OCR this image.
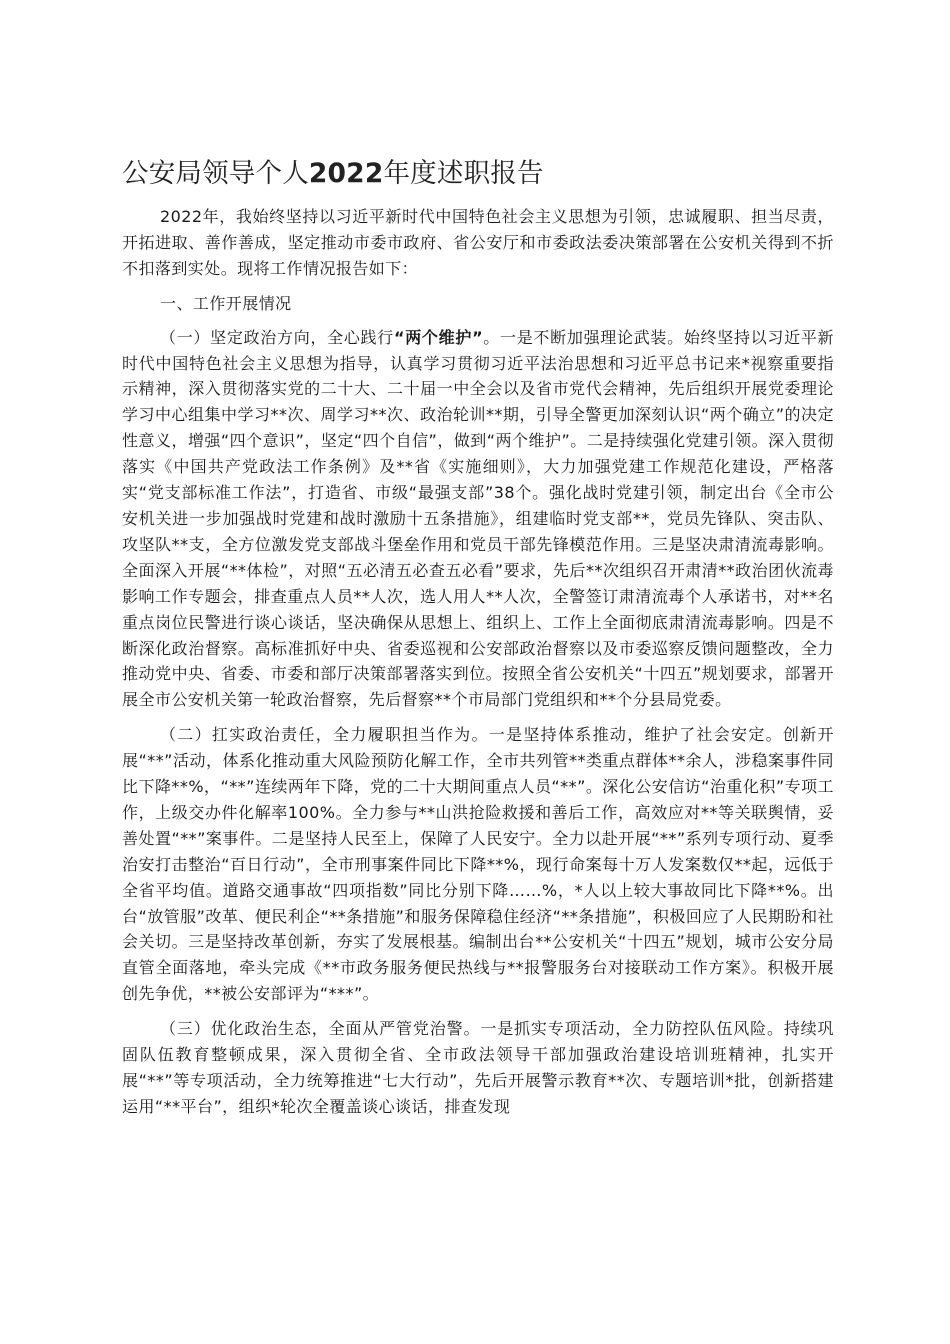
公安局领导个人2022年度述职报告

2022年，我始终坚持以习近平新时代中国特色社会主义思想为引领，忠诚履职、担当尽责，开拓进取、善作善成，坚定推动市委市政府、省公安厅和市委政法委决策部署在公安机关得到不折不扣落到实处。现将工作情况报告如下：

一、工作开展情况

（一）坚定政治方向，全心践行“两个维护”。一是不断加强理论武装。始终坚持以习近平新时代中国特色社会主义思想为指导，认真学习贯彻习近平法治思想和习近平总书记来*视察重要指示精神，深入贯彻落实党的二十大、二十届一中全会以及省市党代会精神，先后组织开展党委理论学习中心组集中学习**次、周学习**次、政治轮训**期，引导全警更加深刻认识“两个确立”的决定性意义，增强“四个意识”，坚定“四个自信”，做到“两个维护”。二是持续强化党建引领。深入贯彻落实《中国共产党政法工作条例》及**省《实施细则》，大力加强党建工作规范化建设，严格落实“党支部标准工作法”，打造省、市级“最强支部”38个。强化战时党建引领，制定出台《全市公安机关进一步加强战时党建和战时激励十五条措施》，组建临时党支部**，党员先锋队、突击队、攻坚队**支，全方位激发党支部战斗堡垒作用和党员干部先锋模范作用。三是坚决肃清流毒影响。全面深入开展“**体检”，对照“五必清五必查五必看”要求，先后**次组织召开肃清**政治团伙流毒影响工作专题会，排查重点人员**人次，选人用人**人次，全警签订肃清流毒个人承诺书，对**名重点岗位民警进行谈心谈话，坚决确保从思想上、组织上、工作上全面彻底肃清流毒影响。四是不断深化政治督察。高标准抓好中央、省委巡视和公安部政治督察以及市委巡察反馈问题整改，全力推动党中央、省委、市委和部厅决策部署落实到位。按照全省公安机关“十四五”规划要求，部署开展全市公安机关第一轮政治督察，先后督察**个市局部门党组织和**个分县局党委。

（二）扛实政治责任，全力履职担当作为。一是坚持体系推动，维护了社会安定。创新开展“**”活动，体系化推动重大风险预防化解工作，全市共列管**类重点群体**余人，涉稳案事件同比下降**%，“**”连续两年下降，党的二十大期间重点人员“**”。深化公安信访“治重化积”专项工作，上级交办件化解率100%。全力参与**山洪抢险救援和善后工作，高效应对**等关联舆情，妥善处置“**”案事件。二是坚持人民至上，保障了人民安宁。全力以赴开展“**”系列专项行动、夏季治安打击整治“百日行动”，全市刑事案件同比下降**%，现行命案每十万人发案数仅**起，远低于全省平均值。道路交通事故“四项指数”同比分别下降……%，*人以上较大事故同比下降**%。出台“放管服”改革、便民利企“**条措施”和服务保障稳住经济“**条措施”，积极回应了人民期盼和社会关切。三是坚持改革创新，夯实了发展根基。编制出台**公安机关“十四五”规划，城市公安分局直管全面落地，牵头完成《**市政务服务便民热线与**报警服务台对接联动工作方案》。积极开展创先争优，**被公安部评为“***”。

（三）优化政治生态，全面从严管党治警。一是抓实专项活动，全力防控队伍风险。持续巩固队伍教育整顿成果，深入贯彻全省、全市政法领导干部加强政治建设培训班精神，扎实开展“**”等专项活动，全力统筹推进“七大行动”，先后开展警示教育**次、专题培训*批，创新搭建运用“**平台”，组织*轮次全覆盖谈心谈话，排查发现
